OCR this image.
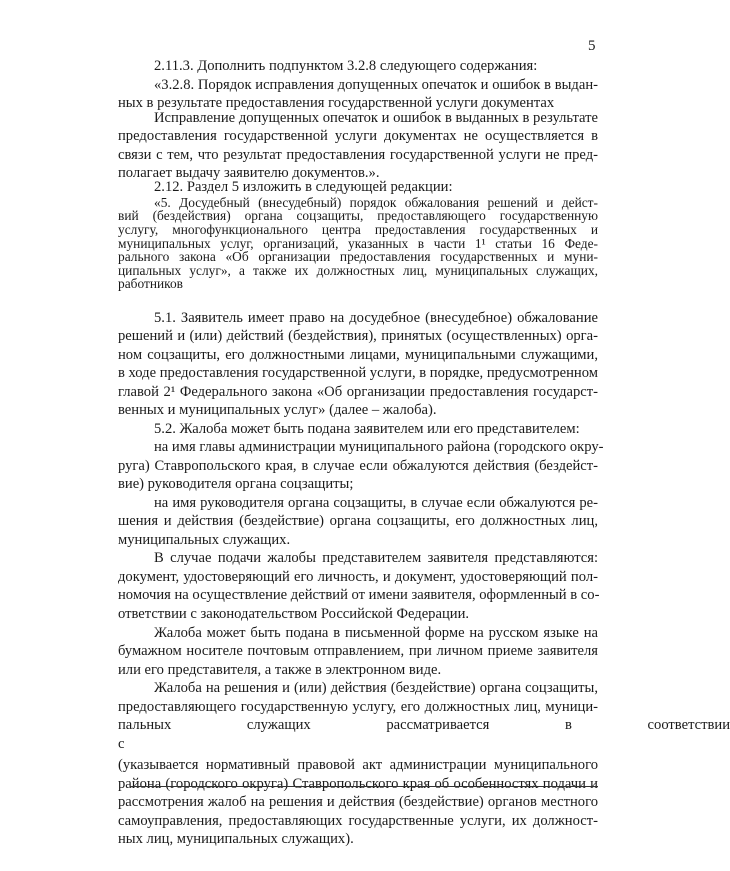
5
2.11.3. Дополнить подпунктом 3.2.8 следующего содержания:
«3.2.8. Порядок исправления допущенных опечаток и ошибок в выдан-
ных в результате предоставления государственной услуги документах
Исправление допущенных опечаток и ошибок в выданных в результате
предоставления государственной услуги документах не осуществляется в
связи с тем, что результат предоставления государственной услуги не пред-
полагает выдачу заявителю документов.».
2.12. Раздел 5 изложить в следующей редакции:
«5. Досудебный (внесудебный) порядок обжалования решений и дейст-
вий (бездействия) органа соцзащиты, предоставляющего государственную
услугу, многофункционального центра предоставления государственных и
муниципальных услуг, организаций, указанных в части 1¹ статьи 16 Феде-
рального закона «Об организации предоставления государственных и муни-
ципальных услуг», а также их должностных лиц, муниципальных служащих,
работников
5.1. Заявитель имеет право на досудебное (внесудебное) обжалование
решений и (или) действий (бездействия), принятых (осуществленных) орга-
ном соцзащиты, его должностными лицами, муниципальными служащими,
в ходе предоставления государственной услуги, в порядке, предусмотренном
главой 2¹ Федерального закона «Об организации предоставления государст-
венных и муниципальных услуг» (далее – жалоба).
5.2. Жалоба может быть подана заявителем или его представителем:
на имя главы администрации муниципального района (городского окру-
руга) Ставропольского края, в случае если обжалуются действия (бездейст-
вие) руководителя органа соцзащиты;
на имя руководителя органа соцзащиты, в случае если обжалуются ре-
шения и действия (бездействие) органа соцзащиты, его должностных лиц,
муниципальных служащих.
В случае подачи жалобы представителем заявителя представляются:
документ, удостоверяющий его личность, и документ, удостоверяющий пол-
номочия на осуществление действий от имени заявителя, оформленный в со-
ответствии с законодательством Российской Федерации.
Жалоба может быть подана в письменной форме на русском языке на
бумажном носителе почтовым отправлением, при личном приеме заявителя
или его представителя, а также в электронном виде.
Жалоба на решения и (или) действия (бездействие) органа соцзащиты,
предоставляющего государственную услугу, его должностных лиц, муници-
пальных служащих рассматривается в соответствии
с
(указывается нормативный правовой акт администрации муниципального
района (городского округа) Ставропольского края об особенностях подачи и
рассмотрения жалоб на решения и действия (бездействие) органов местного
самоуправления, предоставляющих государственные услуги, их должност-
ных лиц, муниципальных служащих).
